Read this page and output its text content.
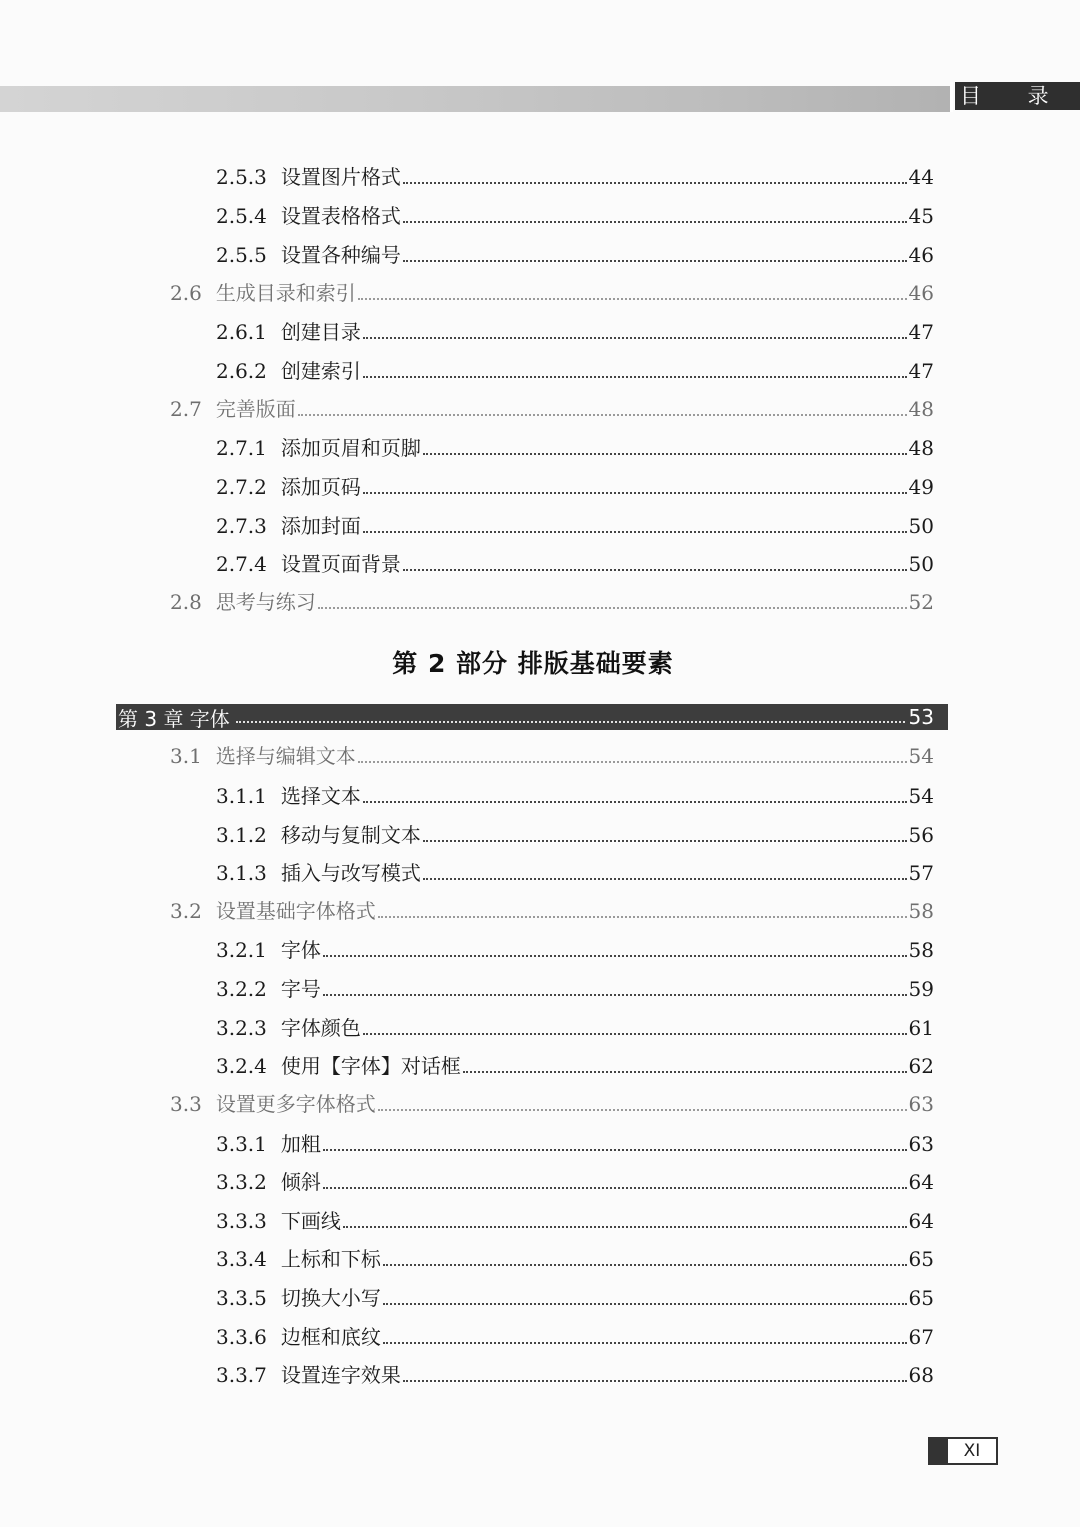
目 录
2.5.3 设置图片格式	44
2.5.4 设置表格格式	45
2.5.5 设置各种编号	46
2.6 生成目录和索引	46
2.6.1 创建目录	47
2.6.2 创建索引	47
2.7 完善版面	48
2.7.1 添加页眉和页脚	48
2.7.2 添加页码	49
2.7.3 添加封面	50
2.7.4 设置页面背景	50
2.8 思考与练习	52
第 2 部分 排版基础要素
第 3 章 字体	53
3.1 选择与编辑文本	54
3.1.1 选择文本	54
3.1.2 移动与复制文本	56
3.1.3 插入与改写模式	57
3.2 设置基础字体格式	58
3.2.1 字体	58
3.2.2 字号	59
3.2.3 字体颜色	61
3.2.4 使用【字体】对话框	62
3.3 设置更多字体格式	63
3.3.1 加粗	63
3.3.2 倾斜	64
3.3.3 下画线	64
3.3.4 上标和下标	65
3.3.5 切换大小写	65
3.3.6 边框和底纹	67
3.3.7 设置连字效果	68
XI
